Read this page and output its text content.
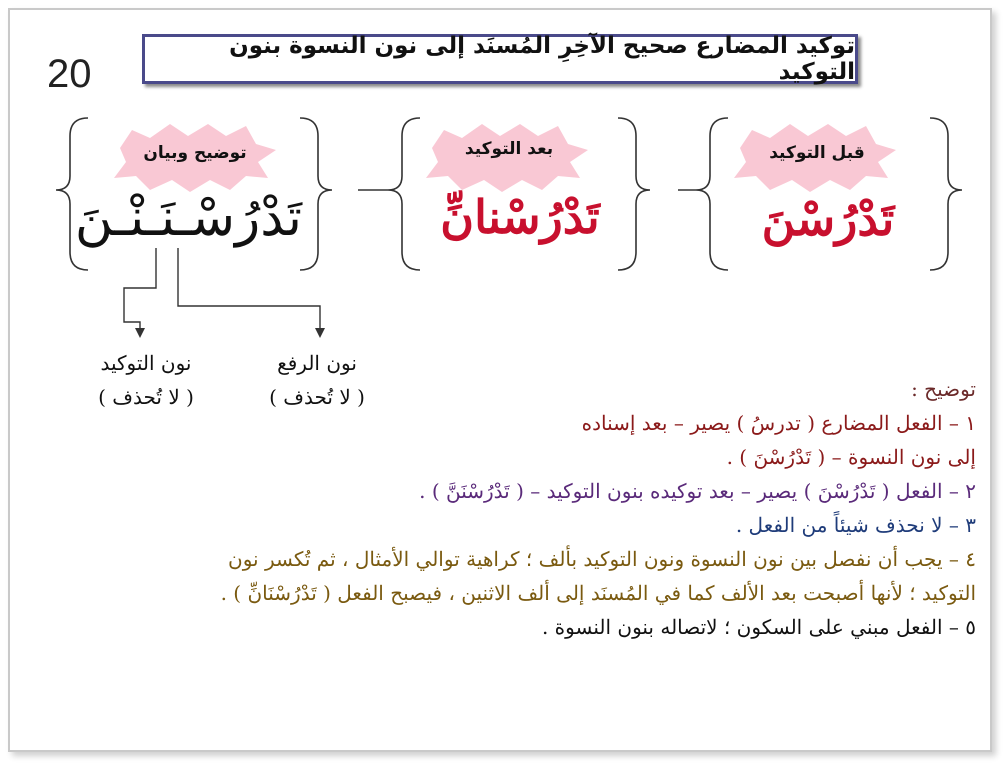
20
توكيد المضارع صحيح الآخِرِ المُسنَد إلى نون النسوة بنون التوكيد
قبل التوكيد
بعد التوكيد
توضيح وبيان
تَدْرُسْنَ
تَدْرُسْنانِّ
تَدْرُسْـنَـنْـنَ
نون الرفع
( لا تُحذف )
نون التوكيد
( لا تُحذف )	توضيح :
١ – الفعل المضارع ( تدرسُ ) يصير – بعد إسناده
إلى نون النسوة – ( تَدْرُسْنَ ) .
٢ – الفعل ( تَدْرُسْنَ ) يصير – بعد توكيده بنون التوكيد – ( تَدْرُسْنَنَّ ) .
٣ – لا نحذف شيئاً من الفعل .
٤ – يجب أن نفصل بين نون النسوة ونون التوكيد بألف ؛ كراهية توالي الأمثال ، ثم تُكسر نون
التوكيد ؛ لأنها أصبحت بعد الألف كما في المُسنَد إلى ألف الاثنين ، فيصبح الفعل ( تَدْرُسْنَانِّ ) .
٥ – الفعل مبني على السكون ؛ لاتصاله بنون النسوة .
